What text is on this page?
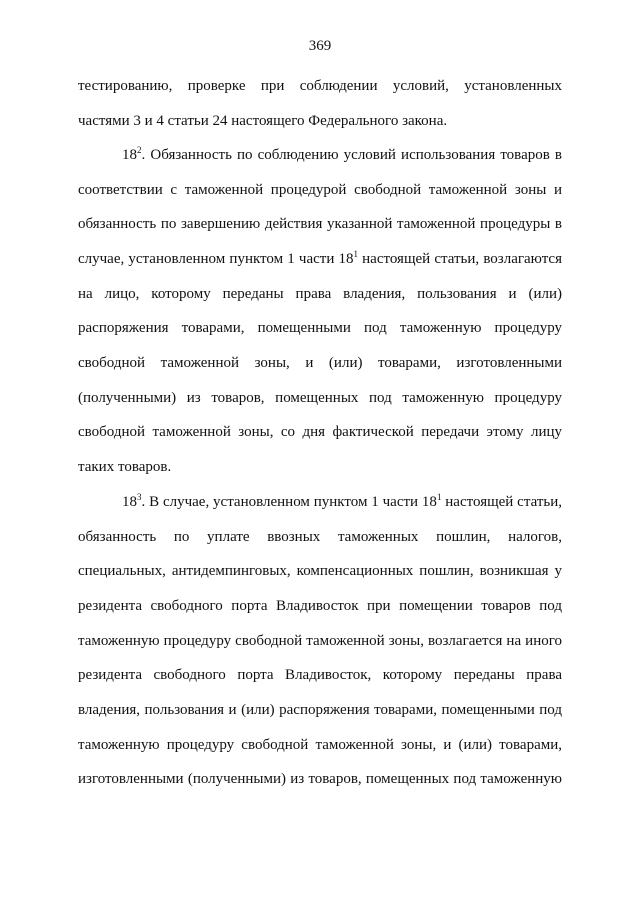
369
тестированию, проверке при соблюдении условий, установленных
частями 3 и 4 статьи 24 настоящего Федерального закона.
$18^2$. Обязанность по соблюдению условий использования товаров в
соответствии с таможенной процедурой свободной таможенной зоны и
обязанность по завершению действия указанной таможенной процедуры в
случае, установленном пунктом 1 части $18^1$ настоящей статьи, возлагаются
на лицо, которому переданы права владения, пользования и (или)
распоряжения товарами, помещенными под таможенную процедуру
свободной таможенной зоны, и (или) товарами, изготовленными
(полученными) из товаров, помещенных под таможенную процедуру
свободной таможенной зоны, со дня фактической передачи этому лицу
таких товаров.
$18^3$. В случае, установленном пунктом 1 части $18^1$ настоящей статьи,
обязанность по уплате ввозных таможенных пошлин, налогов,
специальных, антидемпинговых, компенсационных пошлин, возникшая у
резидента свободного порта Владивосток при помещении товаров под
таможенную процедуру свободной таможенной зоны, возлагается на иного
резидента свободного порта Владивосток, которому переданы права
владения, пользования и (или) распоряжения товарами, помещенными под
таможенную процедуру свободной таможенной зоны, и (или) товарами,
изготовленными (полученными) из товаров, помещенных под таможенную
